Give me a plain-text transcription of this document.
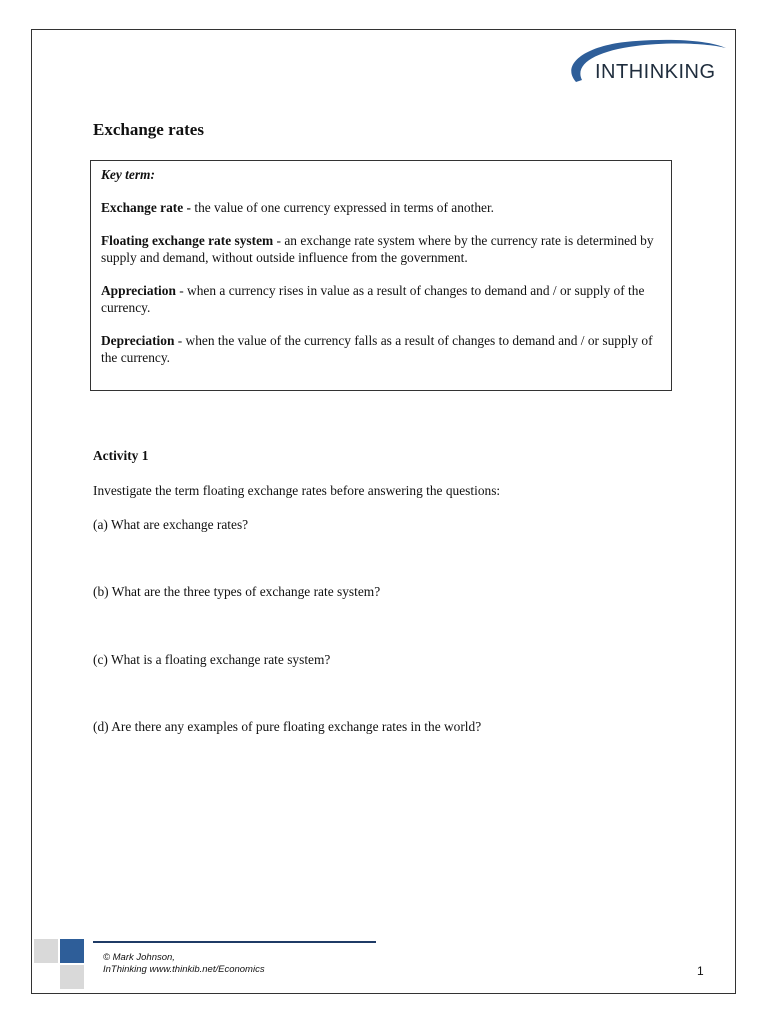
INTHINKING
Exchange rates

Key term:

Exchange rate - the value of one currency expressed in terms of another.

Floating exchange rate system - an exchange rate system where by the currency rate is determined by supply and demand, without outside influence from the government.

Appreciation - when a currency rises in value as a result of changes to demand and / or supply of the currency.

Depreciation - when the value of the currency falls as a result of changes to demand and / or supply of the currency.

Activity 1
Investigate the term floating exchange rates before answering the questions:
(a) What are exchange rates?
(b) What are the three types of exchange rate system?
(c) What is a floating exchange rate system?
(d) Are there any examples of pure floating exchange rates in the world?
© Mark Johnson,
InThinking www.thinkib.net/Economics	1
